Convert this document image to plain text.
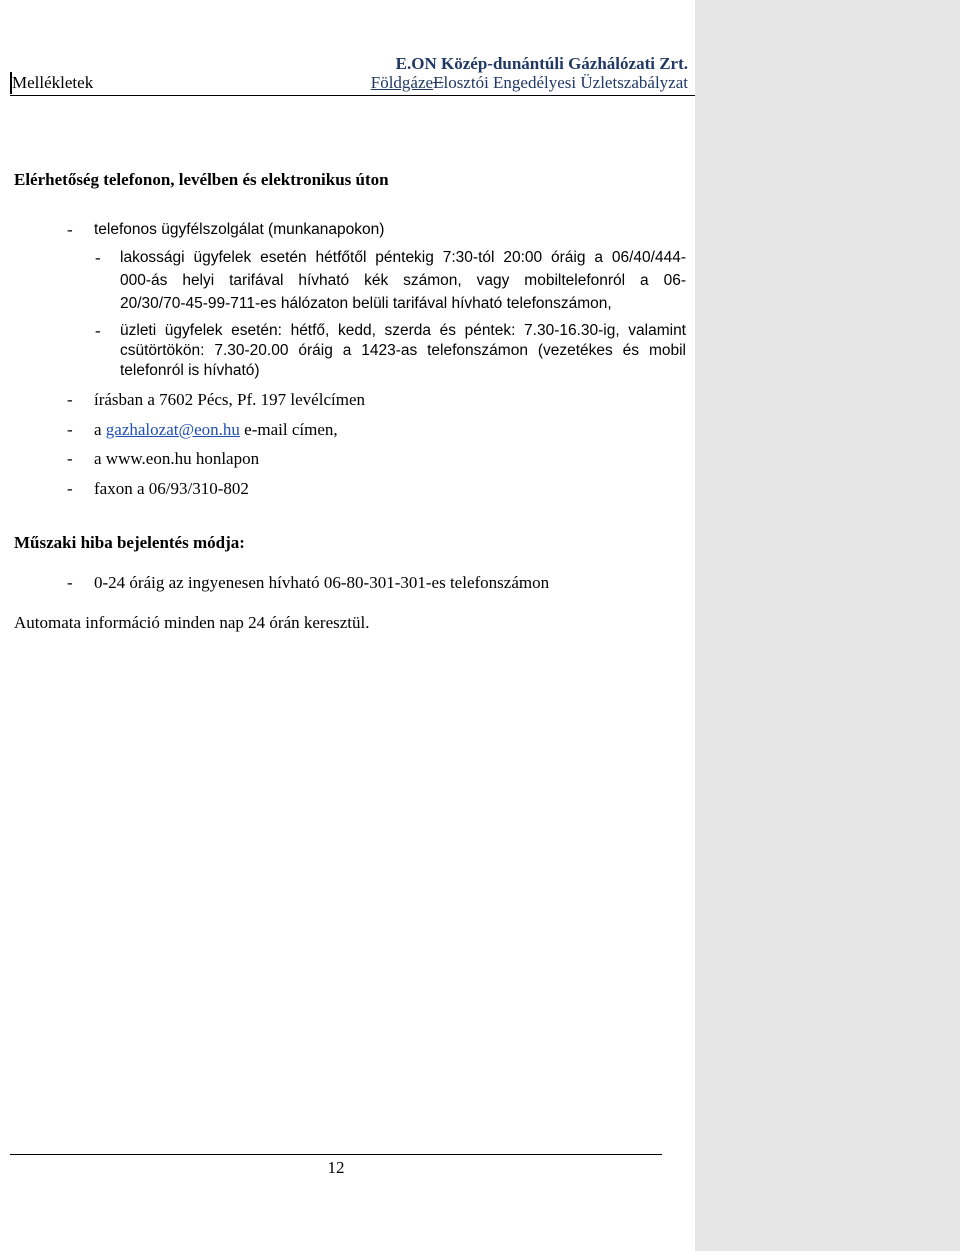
E.ON Közép-dunántúli Gázhálózati Zrt.
Mellékletek	FöldgázeElosztói Engedélyesi Üzletszabályzat
Elérhetőség telefonon, levélben és elektronikus úton
- telefonos ügyfélszolgálat (munkanapokon)
- lakossági ügyfelek esetén hétfőtől péntekig 7:30-tól 20:00 óráig a 06/40/444-
000-ás helyi tarifával hívható kék számon, vagy mobiltelefonról a 06-
20/30/70-45-99-711-es hálózaton belüli tarifával hívható telefonszámon,
- üzleti ügyfelek esetén: hétfő, kedd, szerda és péntek: 7.30-16.30-ig, valamint
csütörtökön: 7.30-20.00 óráig a 1423-as telefonszámon (vezetékes és mobil
telefonról is hívható)
- írásban a 7602 Pécs, Pf. 197 levélcímen
- a gazhalozat@eon.hu e-mail címen,
- a www.eon.hu honlapon
- faxon a 06/93/310-802
Műszaki hiba bejelentés módja:
- 0-24 óráig az ingyenesen hívható 06-80-301-301-es telefonszámon
Automata információ minden nap 24 órán keresztül.
12
